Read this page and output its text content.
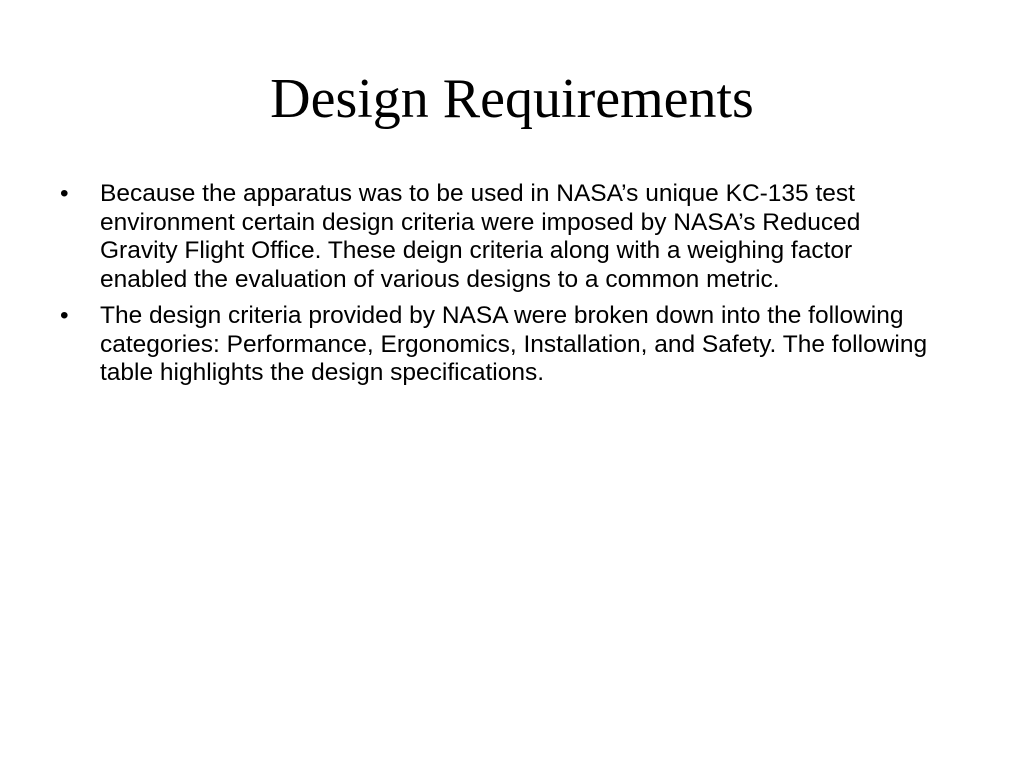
Design Requirements
•	Because the apparatus was to be used in NASA’s unique KC-135 test environment certain design criteria were imposed by NASA’s Reduced Gravity Flight Office. These deign criteria along with a weighing factor enabled the evaluation of various designs to a common metric.
•	The design criteria provided by NASA were broken down into the following categories: Performance, Ergonomics, Installation, and Safety. The following table highlights the design specifications.
